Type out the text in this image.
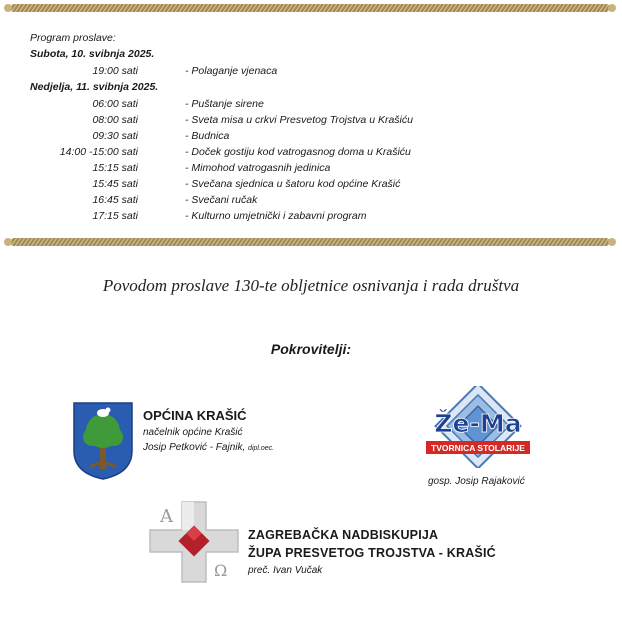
Program proslave:
Subota, 10. svibnja 2025.
19:00 sati	- Polaganje vjenaca
Nedjelja, 11. svibnja 2025.
06:00 sati	- Puštanje sirene
08:00 sati	- Sveta misa u crkvi Presvetog Trojstva u Krašiću
09:30 sati	- Budnica
14:00 -15:00 sati	- Doček gostiju kod vatrogasnog doma u Krašiću
15:15 sati	- Mimohod vatrogasnih jedinica
15:45 sati	- Svečana sjednica u šatoru kod općine Krašić
16:45 sati	- Svečani ručak
17:15 sati	- Kulturno umjetnički i zabavni program
Povodom proslave 130-te obljetnice osnivanja i rada društva
Pokrovitelji:
OPĆINA KRAŠIĆ
načelnik općine Krašić
Josip Petković - Fajnik, dipl.oec.
Že-Ma
TVORNICA STOLARIJE
gosp. Josip Rajaković
A
Ω
ZAGREBAČKA NADBISKUPIJA
ŽUPA PRESVETOG TROJSTVA - KRAŠIĆ
preč. Ivan Vučak
